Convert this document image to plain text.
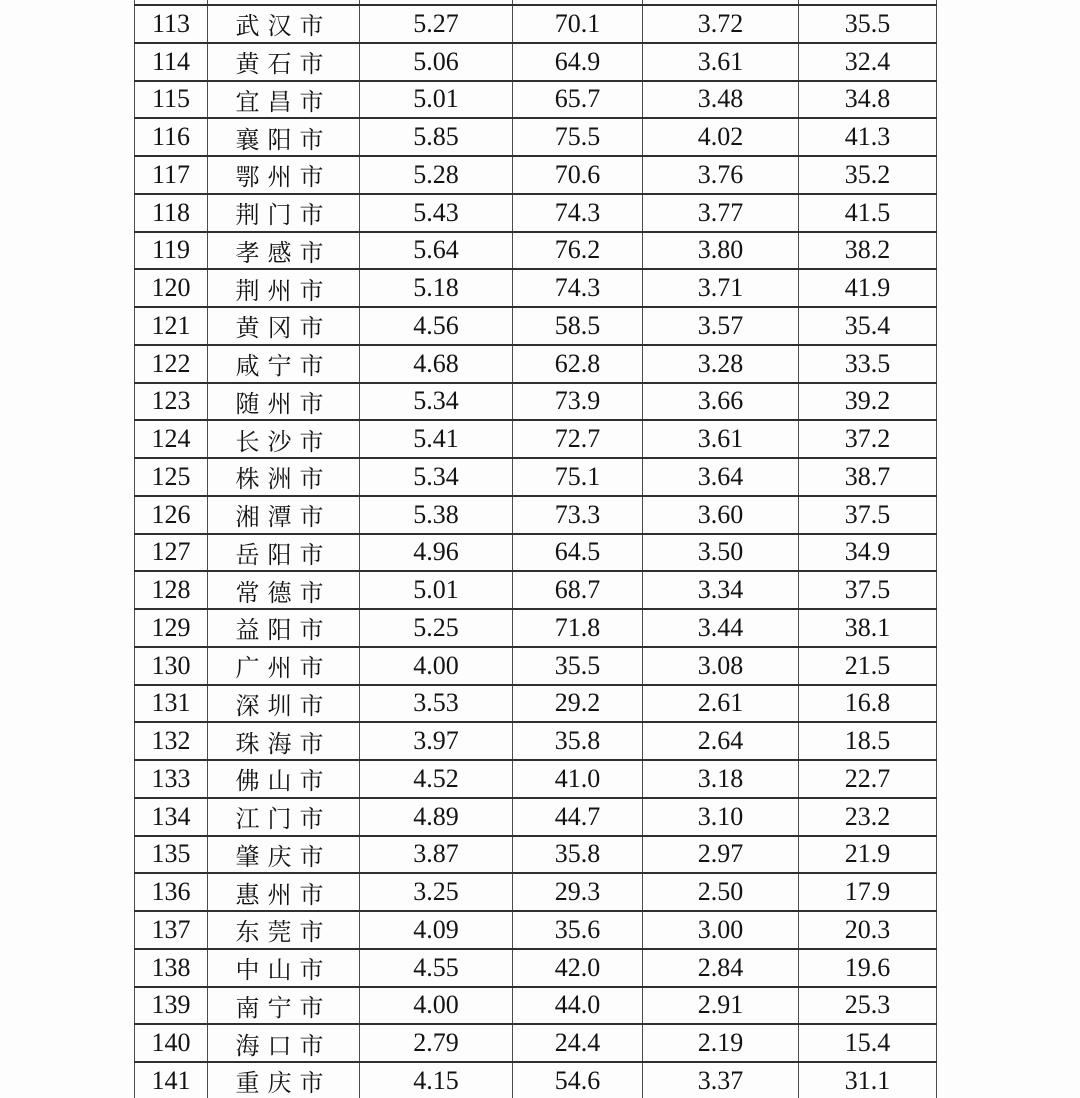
113	武汉市	5.27	70.1	3.72	35.5
114	黄石市	5.06	64.9	3.61	32.4
115	宜昌市	5.01	65.7	3.48	34.8
116	襄阳市	5.85	75.5	4.02	41.3
117	鄂州市	5.28	70.6	3.76	35.2
118	荆门市	5.43	74.3	3.77	41.5
119	孝感市	5.64	76.2	3.80	38.2
120	荆州市	5.18	74.3	3.71	41.9
121	黄冈市	4.56	58.5	3.57	35.4
122	咸宁市	4.68	62.8	3.28	33.5
123	随州市	5.34	73.9	3.66	39.2
124	长沙市	5.41	72.7	3.61	37.2
125	株洲市	5.34	75.1	3.64	38.7
126	湘潭市	5.38	73.3	3.60	37.5
127	岳阳市	4.96	64.5	3.50	34.9
128	常德市	5.01	68.7	3.34	37.5
129	益阳市	5.25	71.8	3.44	38.1
130	广州市	4.00	35.5	3.08	21.5
131	深圳市	3.53	29.2	2.61	16.8
132	珠海市	3.97	35.8	2.64	18.5
133	佛山市	4.52	41.0	3.18	22.7
134	江门市	4.89	44.7	3.10	23.2
135	肇庆市	3.87	35.8	2.97	21.9
136	惠州市	3.25	29.3	2.50	17.9
137	东莞市	4.09	35.6	3.00	20.3
138	中山市	4.55	42.0	2.84	19.6
139	南宁市	4.00	44.0	2.91	25.3
140	海口市	2.79	24.4	2.19	15.4
141	重庆市	4.15	54.6	3.37	31.1
